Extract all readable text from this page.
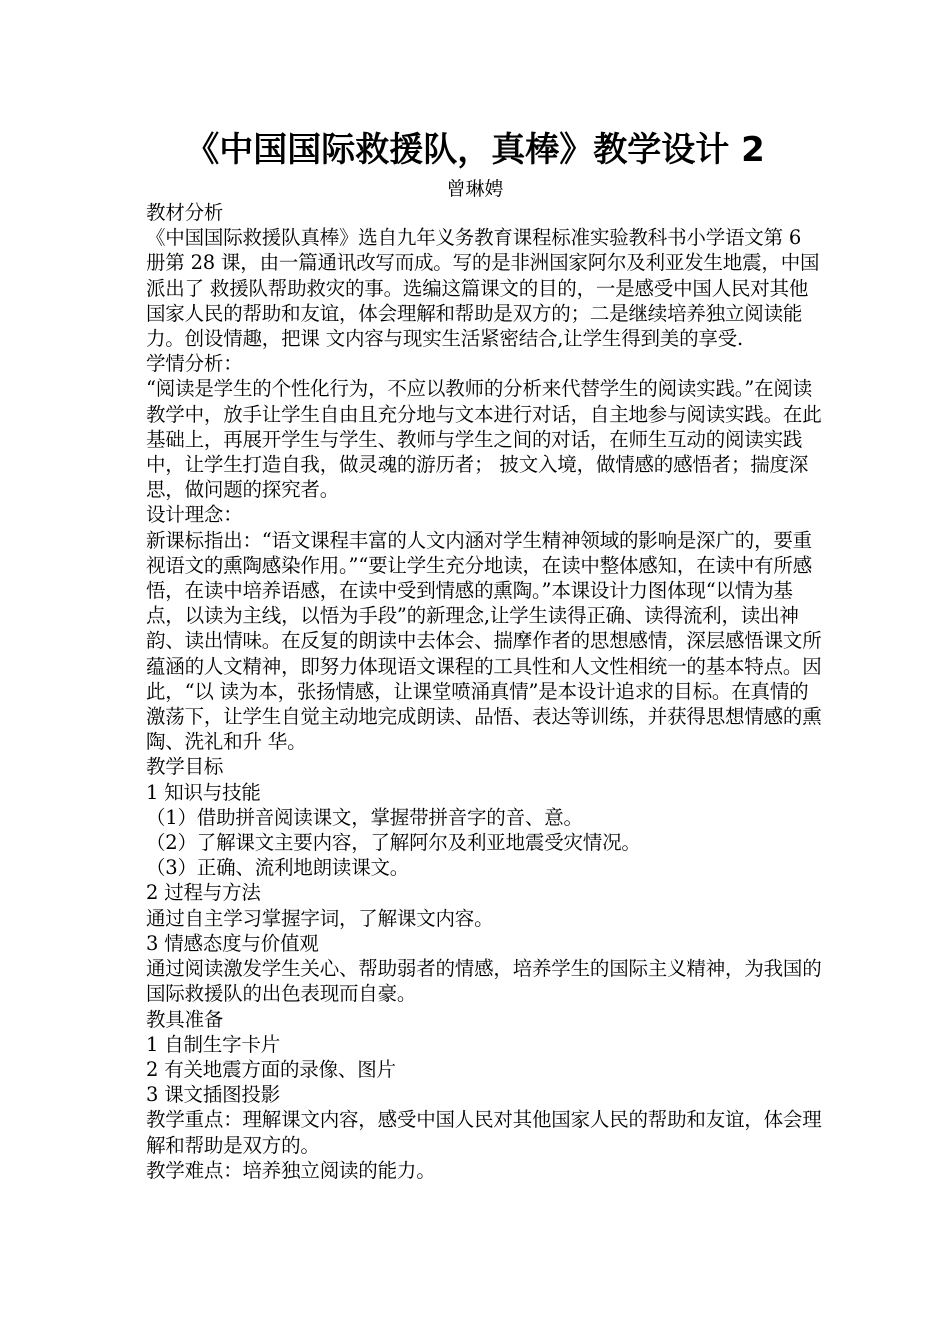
《中国国际救援队，真棒》教学设计 2
曾琳娉

教材分析

《中国国际救援队真棒》选自九年义务教育课程标准实验教科书小学语文第 6 册第 28 课，由一篇通讯改写而成。写的是非洲国家阿尔及利亚发生地震，中国派出了 救援队帮助救灾的事。选编这篇课文的目的，一是感受中国人民对其他国家人民的帮助和友谊，体会理解和帮助是双方的；二是继续培养独立阅读能力。创设情趣，把课 文内容与现实生活紧密结合,让学生得到美的享受.

学情分析：

“阅读是学生的个性化行为，不应以教师的分析来代替学生的阅读实践。”在阅读教学中，放手让学生自由且充分地与文本进行对话，自主地参与阅读实践。在此基础上，再展开学生与学生、教师与学生之间的对话，在师生互动的阅读实践中，让学生打造自我，做灵魂的游历者； 披文入境，做情感的感悟者；揣度深思，做问题的探究者。

设计理念：

新课标指出：“语文课程丰富的人文内涵对学生精神领域的影响是深广的，要重视语文的熏陶感染作用。”“要让学生充分地读，在读中整体感知，在读中有所感 悟，在读中培养语感，在读中受到情感的熏陶。”本课设计力图体现“以情为基点，以读为主线，以悟为手段”的新理念,让学生读得正确、读得流利，读出神韵、读出情味。在反复的朗读中去体会、揣摩作者的思想感情，深层感悟课文所蕴涵的人文精神，即努力体现语文课程的工具性和人文性相统一的基本特点。因此，“以 读为本，张扬情感，让课堂喷涌真情”是本设计追求的目标。在真情的激荡下，让学生自觉主动地完成朗读、品悟、表达等训练，并获得思想情感的熏陶、洗礼和升 华。

教学目标

1 知识与技能

（1）借助拼音阅读课文，掌握带拼音字的音、意。

（2）了解课文主要内容，了解阿尔及利亚地震受灾情况。

（3）正确、流利地朗读课文。

2 过程与方法

通过自主学习掌握字词，了解课文内容。

3 情感态度与价值观

通过阅读激发学生关心、帮助弱者的情感，培养学生的国际主义精神，为我国的国际救援队的出色表现而自豪。

教具准备

1 自制生字卡片

2 有关地震方面的录像、图片

3 课文插图投影

教学重点：理解课文内容，感受中国人民对其他国家人民的帮助和友谊，体会理解和帮助是双方的。

教学难点：培养独立阅读的能力。
